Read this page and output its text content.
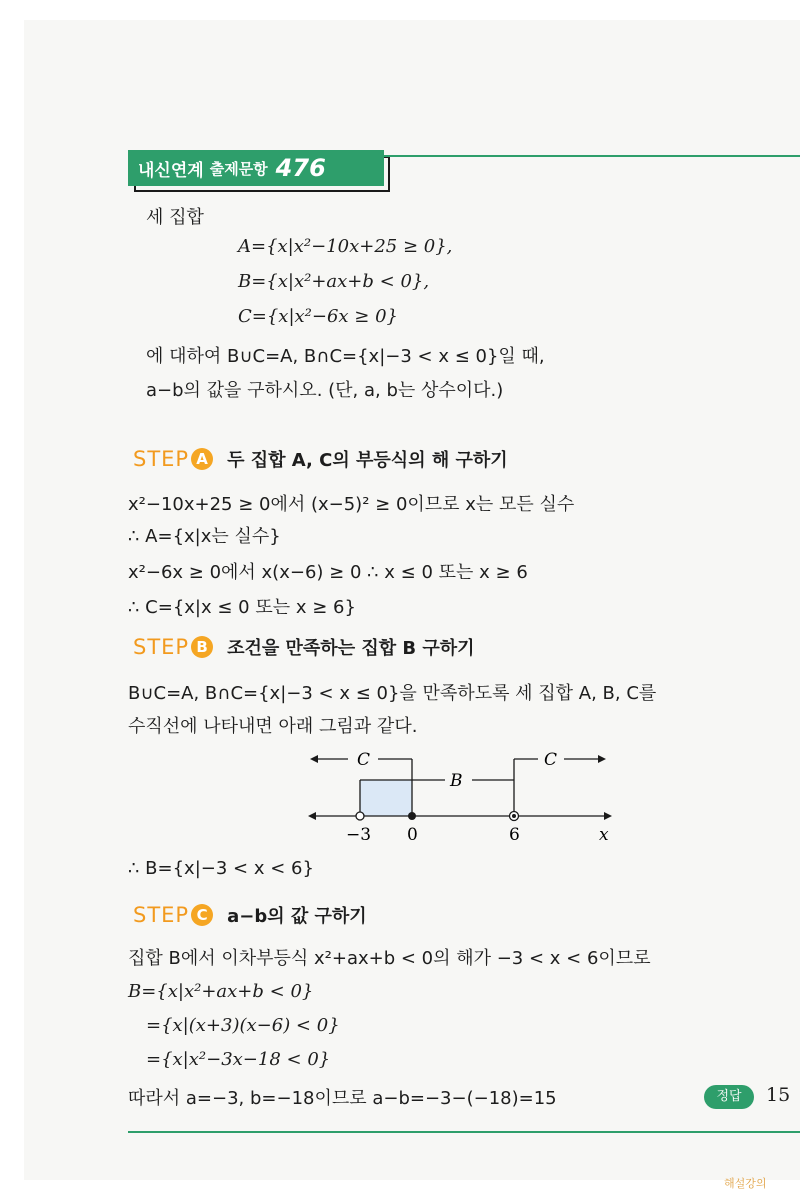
내신연계 출제문항 476
세 집합
A={x|x²−10x+25 ≥ 0},
B={x|x²+ax+b < 0},
C={x|x²−6x ≥ 0}
에 대하여 B∪C=A, B∩C={x|−3 < x ≤ 0}일 때,
a−b의 값을 구하시오. (단, a, b는 상수이다.)
STEP A 두 집합 A, C의 부등식의 해 구하기
x²−10x+25 ≥ 0에서 (x−5)² ≥ 0이므로 x는 모든 실수
∴ A={x|x는 실수}
x²−6x ≥ 0에서 x(x−6) ≥ 0 ∴ x ≤ 0 또는 x ≥ 6
∴ C={x|x ≤ 0 또는 x ≥ 6}
STEP B 조건을 만족하는 집합 B 구하기
B∪C=A, B∩C={x|−3 < x ≤ 0}을 만족하도록 세 집합 A, B, C를
수직선에 나타내면 아래 그림과 같다.
C
B
C
−3 0	6	x
∴ B={x|−3 < x < 6}
STEP C	a−b의 값 구하기
집합 B에서 이차부등식 x²+ax+b < 0의 해가 −3 < x < 6이므로
B={x|x²+ax+b < 0}
={x|(x+3)(x−6) < 0}
={x|x²−3x−18 < 0}
따라서 a=−3, b=−18이므로 a−b=−3−(−18)=15	정답	15
해설강의
